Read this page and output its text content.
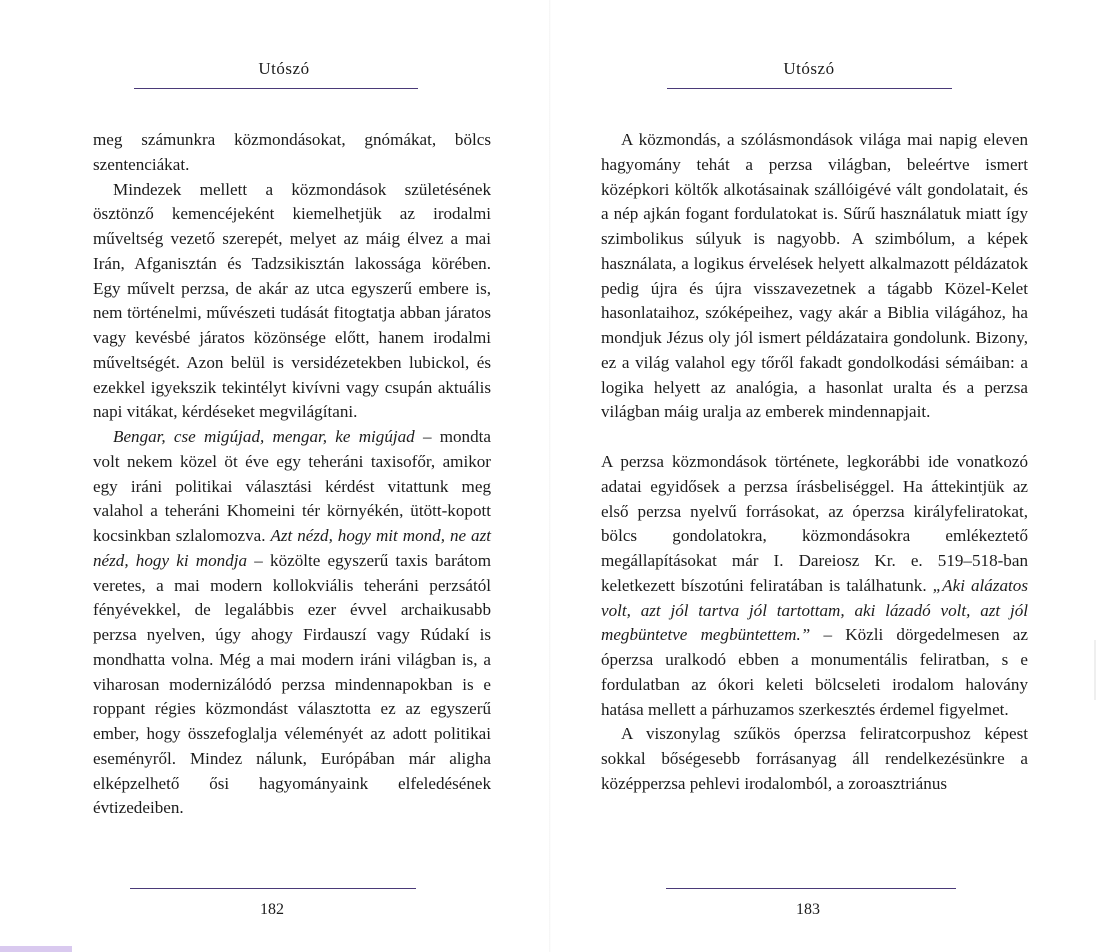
Utószó

meg számunkra közmondásokat, gnómákat, bölcs szentenciákat.

Mindezek mellett a közmondások születésének ösztönző kemencéjeként kiemelhetjük az irodalmi műveltség vezető szerepét, melyet az máig élvez a mai Irán, Afganisztán és Tadzsikisztán lakossága körében. Egy művelt perzsa, de akár az utca egyszerű embere is, nem történelmi, művészeti tudását fitogtatja abban járatos vagy kevésbé járatos közönsége előtt, hanem irodalmi műveltségét. Azon belül is versidézetekben lubickol, és ezekkel igyekszik tekintélyt kivívni vagy csupán aktuális napi vitákat, kérdéseket megvilágítani.

Bengar, cse migújad, mengar, ke migújad – mondta volt nekem közel öt éve egy teheráni taxisofőr, amikor egy iráni politikai választási kérdést vitattunk meg valahol a teheráni Khomeini tér környékén, ütött-kopott kocsinkban szlalomozva. Azt nézd, hogy mit mond, ne azt nézd, hogy ki mondja – közölte egyszerű taxis barátom veretes, a mai modern kollokviális teheráni perzsától fényévekkel, de legalábbis ezer évvel archaikusabb perzsa nyelven, úgy ahogy Firdauszí vagy Rúdakí is mondhatta volna. Még a mai modern iráni világban is, a viharosan modernizálódó perzsa mindennapokban is e roppant régies közmondást választotta ez az egyszerű ember, hogy összefoglalja véleményét az adott politikai eseményről. Mindez nálunk, Európában már aligha elképzelhető ősi hagyományaink elfeledésének évtizedeiben.

182
Utószó

A közmondás, a szólásmondások világa mai napig eleven hagyomány tehát a perzsa világban, beleértve ismert középkori költők alkotásainak szállóigévé vált gondolatait, és a nép ajkán fogant fordulatokat is. Sűrű használatuk miatt így szimbolikus súlyuk is nagyobb. A szimbólum, a képek használata, a logikus érvelések helyett alkalmazott példázatok pedig újra és újra visszavezetnek a tágabb Közel-Kelet hasonlataihoz, szóképeihez, vagy akár a Biblia világához, ha mondjuk Jézus oly jól ismert példázataira gondolunk. Bizony, ez a világ valahol egy tőről fakadt gondolkodási sémáiban: a logika helyett az analógia, a hasonlat uralta és a perzsa világban máig uralja az emberek mindennapjait.

A perzsa közmondások története, legkorábbi ide vonatkozó adatai egyidősek a perzsa írásbeliséggel. Ha áttekintjük az első perzsa nyelvű forrásokat, az óperzsa királyfeliratokat, bölcs gondolatokra, közmondásokra emlékeztető megállapításokat már I. Dareiosz Kr. e. 519–518-ban keletkezett bíszotúni feliratában is találhatunk. „Aki alázatos volt, azt jól tartva jól tartottam, aki lázadó volt, azt jól megbüntetve megbüntettem.” – Közli dörgedelmesen az óperzsa uralkodó ebben a monumentális feliratban, s e fordulatban az ókori keleti bölcseleti irodalom halovány hatása mellett a párhuzamos szerkesztés érdemel figyelmet.

A viszonylag szűkös óperzsa feliratcorpushoz képest sokkal bőségesebb forrásanyag áll rendelkezésünkre a középperzsa pehlevi irodalomból, a zoroasztriánus

183
